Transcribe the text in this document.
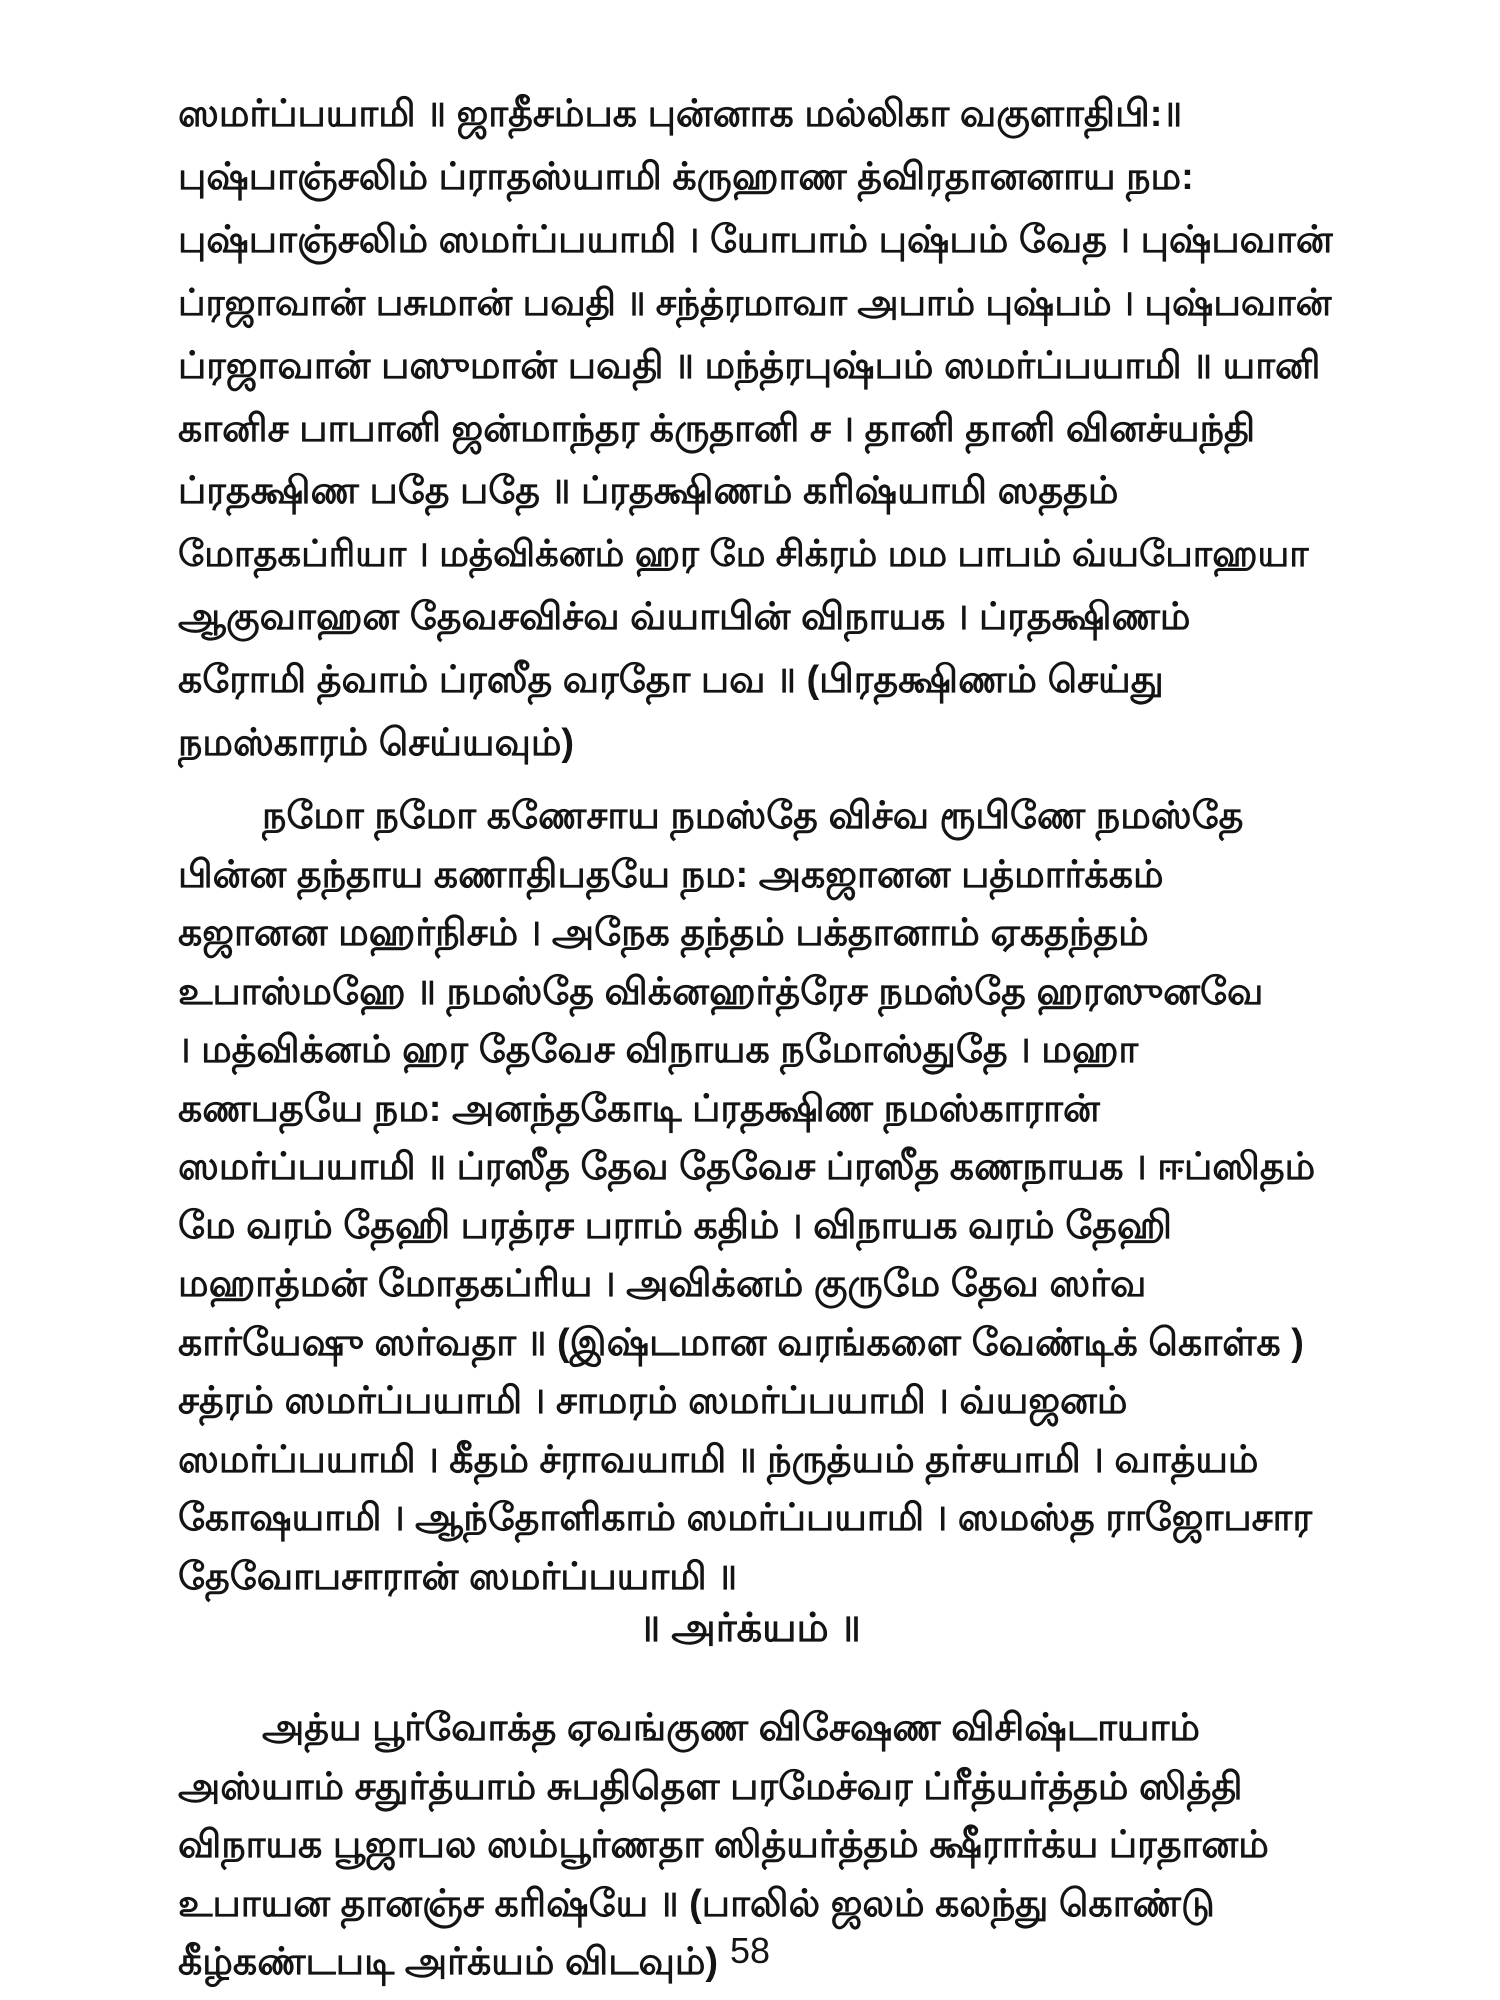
ஸமர்ப்பயாமி ॥ ஜாதீசம்பக புன்னாக மல்லிகா வகுளாதிபி:॥
புஷ்பாஞ்சலிம் ப்ராதஸ்யாமி க்ருஹாண த்விரதானனாய நம:
புஷ்பாஞ்சலிம் ஸமர்ப்பயாமி । யோபாம் புஷ்பம் வேத । புஷ்பவான்
ப்ரஜாவான் பசுமான் பவதி ॥ சந்த்ரமாவா அபாம் புஷ்பம் । புஷ்பவான்
ப்ரஜாவான் பஸுமான் பவதி ॥ மந்த்ரபுஷ்பம் ஸமர்ப்பயாமி ॥ யானி
கானிச பாபானி ஜன்மாந்தர க்ருதானி ச । தானி தானி வினச்யந்தி
ப்ரதக்ஷிண பதே பதே ॥ ப்ரதக்ஷிணம் கரிஷ்யாமி ஸததம்
மோதகப்ரியா । மத்விக்னம் ஹர மே சிக்ரம் மம பாபம் வ்யபோஹயா
ஆகுவாஹன தேவசவிச்வ வ்யாபின் விநாயக । ப்ரதக்ஷிணம்
கரோமி த்வாம் ப்ரஸீத வரதோ பவ ॥ (பிரதக்ஷிணம் செய்து
நமஸ்காரம் செய்யவும்)
நமோ நமோ கணேசாய நமஸ்தே விச்வ ரூபிணே நமஸ்தே
பின்ன தந்தாய கணாதிபதயே நம: அகஜானன பத்மார்க்கம்
கஜானன மஹர்நிசம் । அநேக தந்தம் பக்தானாம் ஏகதந்தம்
உபாஸ்மஹே ॥ நமஸ்தே விக்னஹர்த்ரேச நமஸ்தே ஹரஸுனவே
। மத்விக்னம் ஹர தேவேச விநாயக நமோஸ்துதே । மஹா
கணபதயே நம: அனந்தகோடி ப்ரதக்ஷிண நமஸ்காரான்
ஸமர்ப்பயாமி ॥ ப்ரஸீத தேவ தேவேச ப்ரஸீத கணநாயக । ஈப்ஸிதம்
மே வரம் தேஹி பரத்ரச பராம் கதிம் । விநாயக வரம் தேஹி
மஹாத்மன் மோதகப்ரிய । அவிக்னம் குருமே தேவ ஸர்வ
கார்யேஷு ஸர்வதா ॥ (இஷ்டமான வரங்களை வேண்டிக் கொள்க )
சத்ரம் ஸமர்ப்பயாமி । சாமரம் ஸமர்ப்பயாமி । வ்யஜனம்
ஸமர்ப்பயாமி । கீதம் ச்ராவயாமி ॥ ந்ருத்யம் தர்சயாமி । வாத்யம்
கோஷயாமி । ஆந்தோளிகாம் ஸமர்ப்பயாமி । ஸமஸ்த ராஜோபசார
தேவோபசாரான் ஸமர்ப்பயாமி ॥
॥ அர்க்யம் ॥
அத்ய பூர்வோக்த ஏவங்குண விசேஷண விசிஷ்டாயாம்
அஸ்யாம் சதுர்த்யாம் சுபதிதௌ பரமேச்வர ப்ரீத்யர்த்தம் ஸித்தி
விநாயக பூஜாபல ஸம்பூர்ணதா ஸித்யர்த்தம் க்ஷீரார்க்ய ப்ரதானம்
உபாயன தானஞ்ச கரிஷ்யே ॥ (பாலில் ஜலம் கலந்து கொண்டு
கீழ்கண்டபடி அர்க்யம் விடவும்) 58
